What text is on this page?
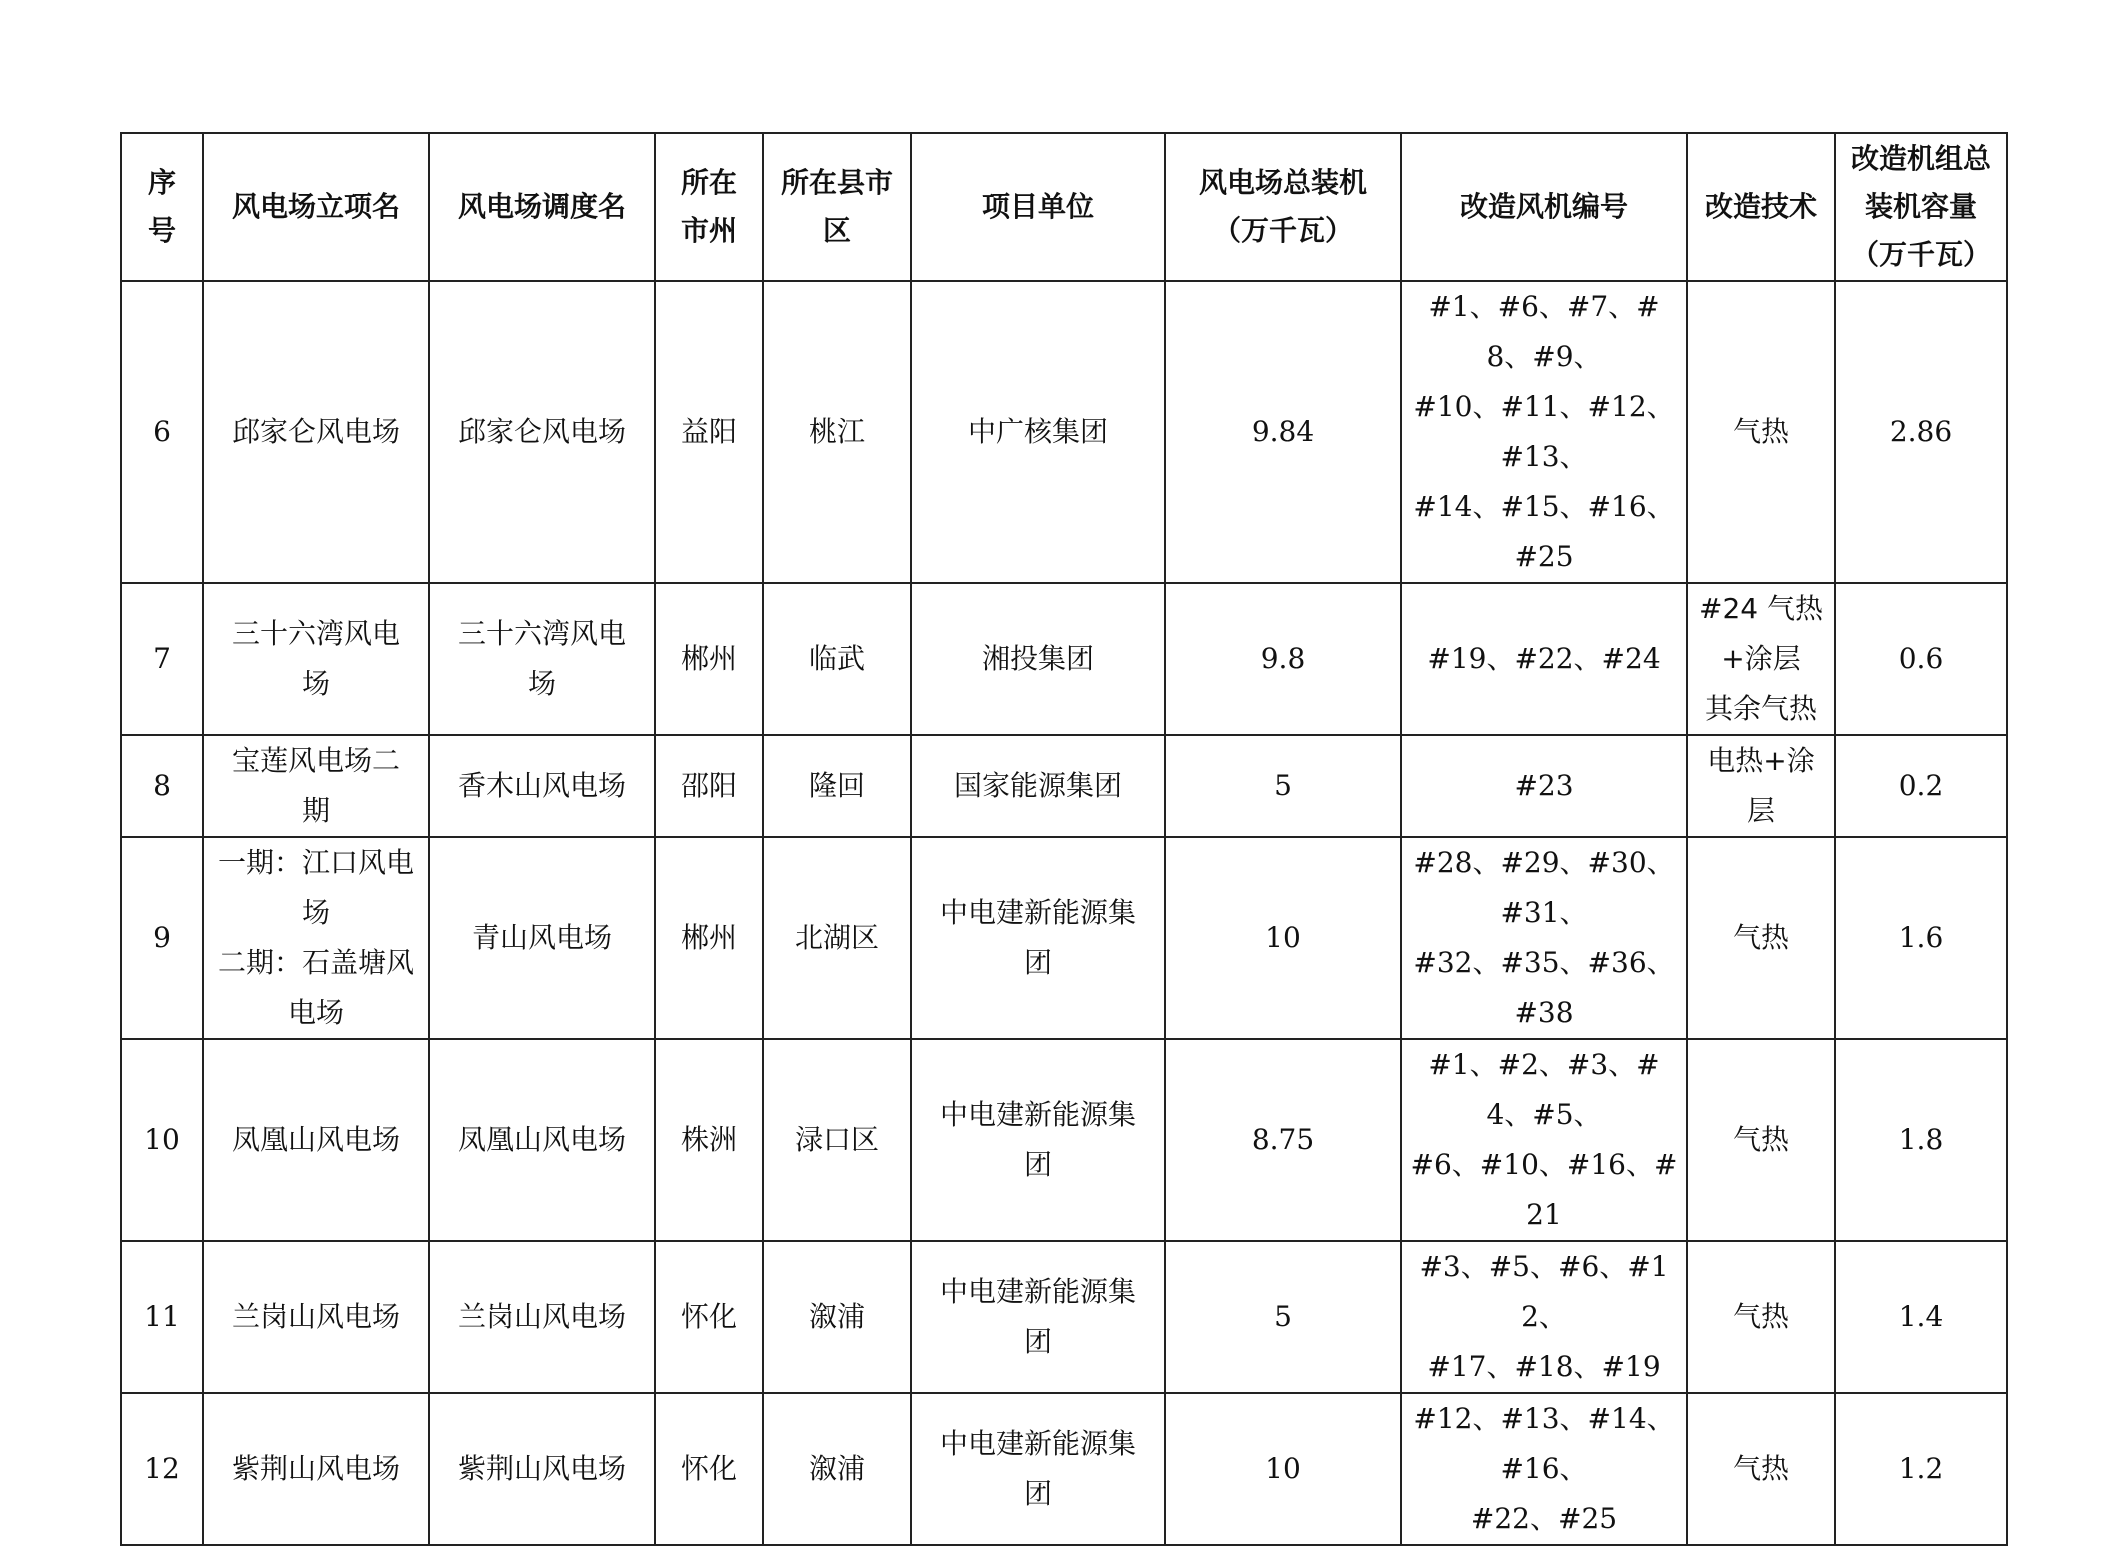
序
号	风电场立项名	风电场调度名	所在
市州	所在县市
区	项目单位	风电场总装机
（万千瓦）	改造风机编号	改造技术	改造机组总
装机容量
（万千瓦）
6	邱家仑风电场	邱家仑风电场	益阳	桃江	中广核集团	9.84	#1、#6、#7、#8、#9、
#10、#11、#12、#13、
#14、#15、#16、#25	气热	2.86
7	三十六湾风电
场	三十六湾风电
场	郴州	临武	湘投集团	9.8	#19、#22、#24	#24 气热
+涂层
其余气热	0.6
8	宝莲风电场二
期	香木山风电场	邵阳	隆回	国家能源集团	5	#23	电热+涂
层	0.2
9	一期：江口风电
场
二期：石盖塘风
电场	青山风电场	郴州	北湖区	中电建新能源集
团	10	#28、#29、#30、#31、
#32、#35、#36、#38	气热	1.6
10	凤凰山风电场	凤凰山风电场	株洲	渌口区	中电建新能源集
团	8.75	#1、#2、#3、#4、#5、
#6、#10、#16、#21	气热	1.8
11	兰岗山风电场	兰岗山风电场	怀化	溆浦	中电建新能源集
团	5	#3、#5、#6、#12、
#17、#18、#19	气热	1.4
12	紫荆山风电场	紫荆山风电场	怀化	溆浦	中电建新能源集
团	10	#12、#13、#14、#16、
#22、#25	气热	1.2
